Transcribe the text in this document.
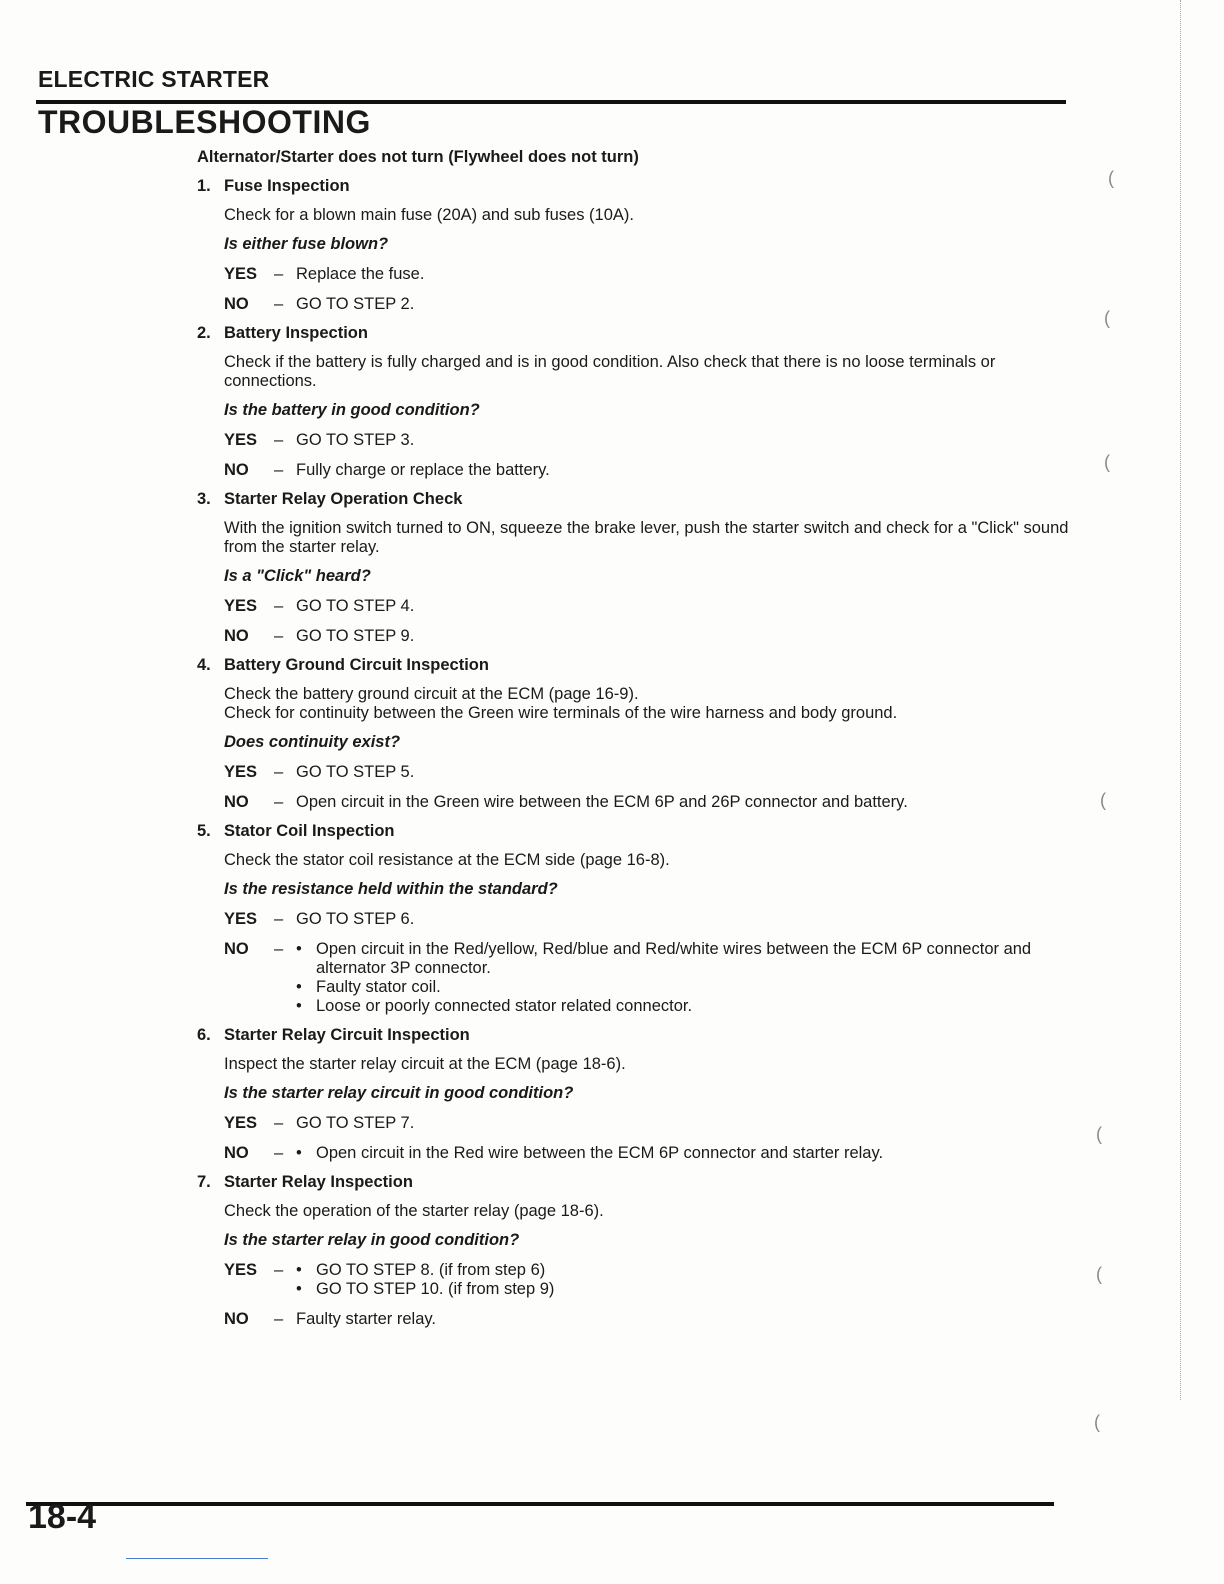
ELECTRIC STARTER
TROUBLESHOOTING
Alternator/Starter does not turn (Flywheel does not turn)
1. Fuse Inspection
Check for a blown main fuse (20A) and sub fuses (10A).
Is either fuse blown?
YES	– Replace the fuse.
NO	– GO TO STEP 2.
2. Battery Inspection
Check if the battery is fully charged and is in good condition. Also check that there is no loose terminals or connections.
Is the battery in good condition?
YES	– GO TO STEP 3.
NO	– Fully charge or replace the battery.
3. Starter Relay Operation Check
With the ignition switch turned to ON, squeeze the brake lever, push the starter switch and check for a "Click" sound from the starter relay.
Is a "Click" heard?
YES	– GO TO STEP 4.
NO	– GO TO STEP 9.
4. Battery Ground Circuit Inspection
Check the battery ground circuit at the ECM (page 16-9).
Check for continuity between the Green wire terminals of the wire harness and body ground.
Does continuity exist?
YES	– GO TO STEP 5.
NO	– Open circuit in the Green wire between the ECM 6P and 26P connector and battery.
5. Stator Coil Inspection
Check the stator coil resistance at the ECM side (page 16-8).
Is the resistance held within the standard?
YES	– GO TO STEP 6.
NO	– • Open circuit in the Red/yellow, Red/blue and Red/white wires between the ECM 6P connector and alternator 3P connector.
• Faulty stator coil.
• Loose or poorly connected stator related connector.
6. Starter Relay Circuit Inspection
Inspect the starter relay circuit at the ECM (page 18-6).
Is the starter relay circuit in good condition?
YES	– GO TO STEP 7.
NO	– • Open circuit in the Red wire between the ECM 6P connector and starter relay.
7. Starter Relay Inspection
Check the operation of the starter relay (page 18-6).
Is the starter relay in good condition?
YES	– • GO TO STEP 8. (if from step 6)
• GO TO STEP 10. (if from step 9)
NO	– Faulty starter relay.
(
(
(
(
(
(
(
18-4
